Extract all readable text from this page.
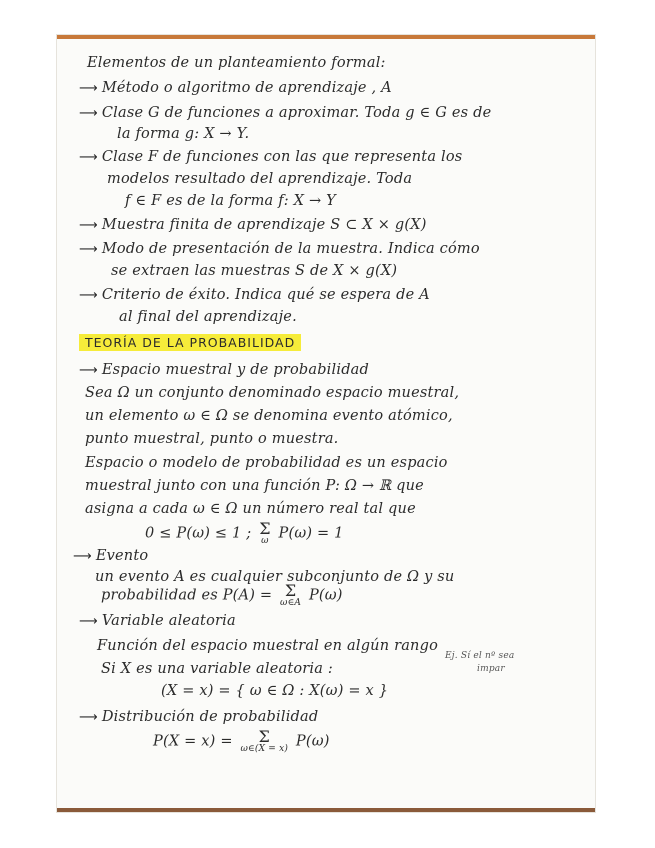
Elementos de un planteamiento formal:
⟶ Método o algoritmo de aprendizaje , A
⟶ Clase G de funciones a aproximar. Toda g ∈ G es de
la forma g: X → Y.
⟶ Clase F de funciones con las que representa los
modelos resultado del aprendizaje. Toda
f ∈ F es de la forma f: X → Y
⟶ Muestra finita de aprendizaje S ⊂ X × g(X)
⟶ Modo de presentación de la muestra. Indica cómo
se extraen las muestras S de X × g(X)
⟶ Criterio de éxito. Indica qué se espera de A
al final del aprendizaje.
TEORÍA DE LA PROBABILIDAD
⟶ Espacio muestral y de probabilidad
Sea Ω un conjunto denominado espacio muestral,
un elemento ω ∈ Ω se denomina evento atómico,
punto muestral, punto o muestra.
Espacio o modelo de probabilidad es un espacio
muestral junto con una función P: Ω → ℝ que
asigna a cada ω ∈ Ω un número real tal que
0 ≤ P(ω) ≤ 1 ; Σ
ω P(ω) = 1
⟶ Evento
un evento A es cualquier subconjunto de Ω y su
probabilidad es P(A) = Σ
ω∈A P(ω)
⟶ Variable aleatoria
Función del espacio muestral en algún rango
Si X es una variable aleatoria :
Ej. Sí el nº sea
impar
(X = x) = { ω ∈ Ω : X(ω) = x }
⟶ Distribución de probabilidad
P(X = x) =	Σ
ω∈(X = x) P(ω)
